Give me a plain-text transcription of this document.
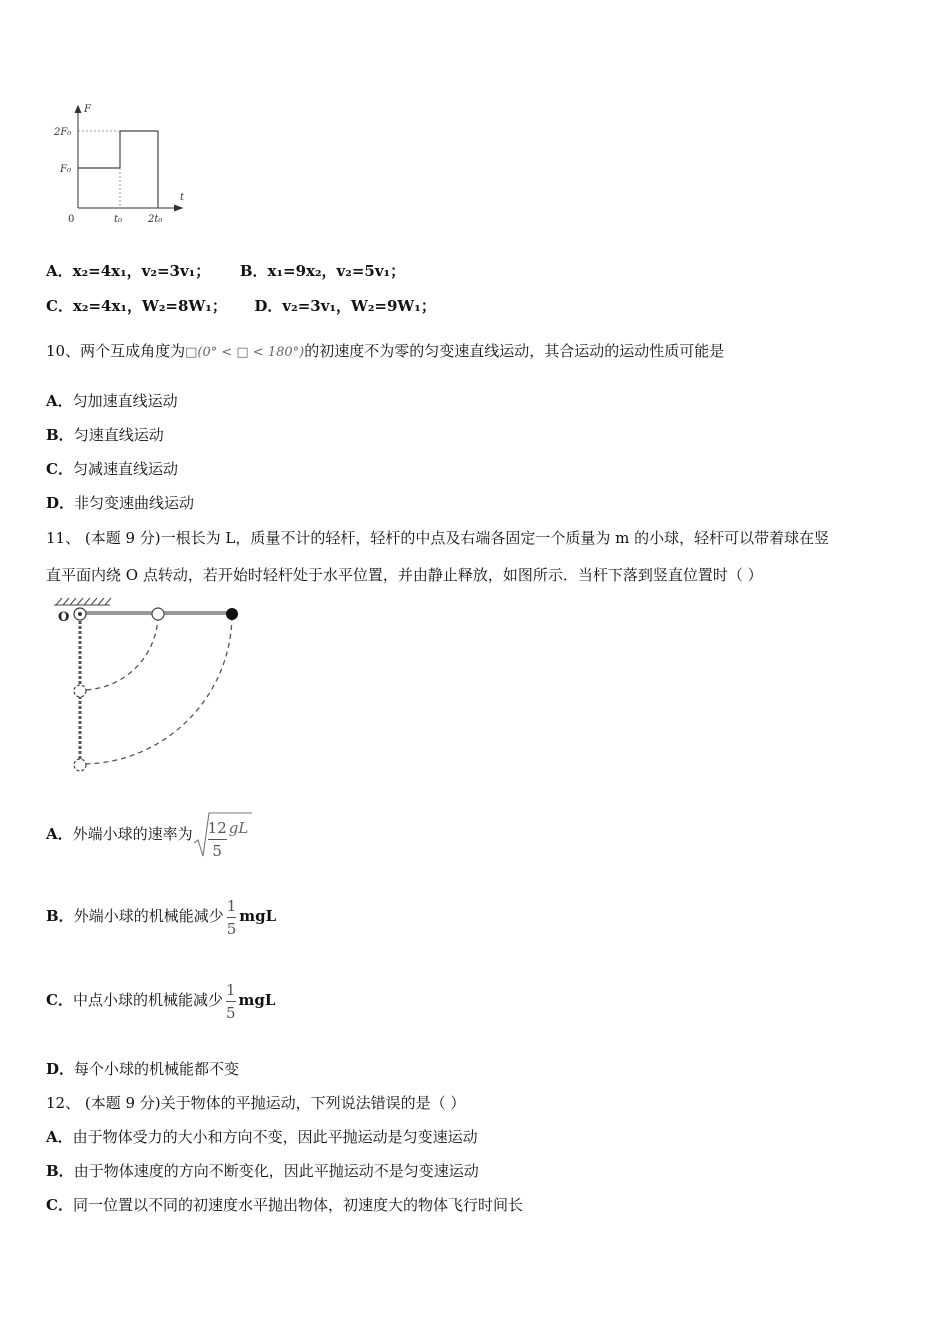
F
t
2F₀
F₀
0	t₀	2t₀
A．x₂=4x₁，v₂=3v₁； B．x₁=9x₂，v₂=5v₁；
C．x₂=4x₁，W₂=8W₁； D．v₂=3v₁，W₂=9W₁；
10、两个互成角度为□(0° < □ < 180°)的初速度不为零的匀变速直线运动，其合运动的运动性质可能是
A．匀加速直线运动
B．匀速直线运动
C．匀减速直线运动
D．非匀变速曲线运动
11、 (本题 9 分)一根长为 L，质量不计的轻杆，轻杆的中点及右端各固定一个质量为 m 的小球，轻杆可以带着球在竖
直平面内绕 O 点转动，若开始时轻杆处于水平位置，并由静止释放，如图所示．当杆下落到竖直位置时（ ）
O
A．外端小球的速率为 $\frac{12}{5}$ gL
B．外端小球的机械能减少 $\frac{1}{5}$ mgL
C．中点小球的机械能减少 $\frac{1}{5}$ mgL
D．每个小球的机械能都不变
12、 (本题 9 分)关于物体的平抛运动，下列说法错误的是（ ）
A．由于物体受力的大小和方向不变，因此平抛运动是匀变速运动
B．由于物体速度的方向不断变化，因此平抛运动不是匀变速运动
C．同一位置以不同的初速度水平抛出物体，初速度大的物体飞行时间长
